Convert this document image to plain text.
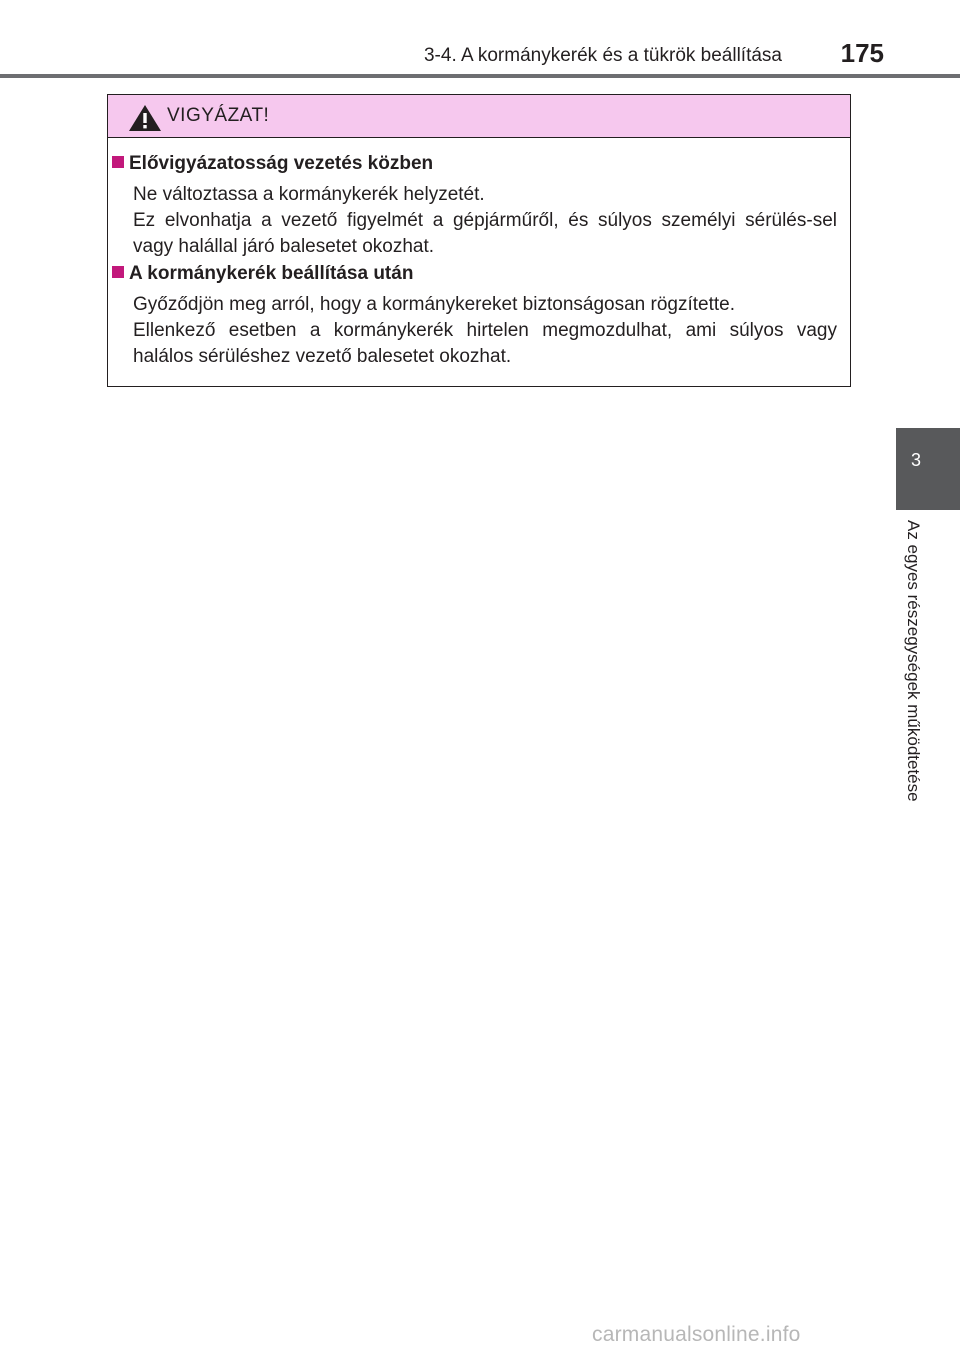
3-4. A kormánykerék és a tükrök beállítása 175
3
Az egyes részegységek működtetése
VIGYÁZAT!
Elővigyázatosság vezetés közben

Ne változtassa a kormánykerék helyzetét.

Ez elvonhatja a vezető figyelmét a gépjárműről, és súlyos személyi sérülés-sel vagy halállal járó balesetet okozhat.

A kormánykerék beállítása után

Győződjön meg arról, hogy a kormánykereket biztonságosan rögzítette.

Ellenkező esetben a kormánykerék hirtelen megmozdulhat, ami súlyos vagy halálos sérüléshez vezető balesetet okozhat.

carmanualsonline.info
